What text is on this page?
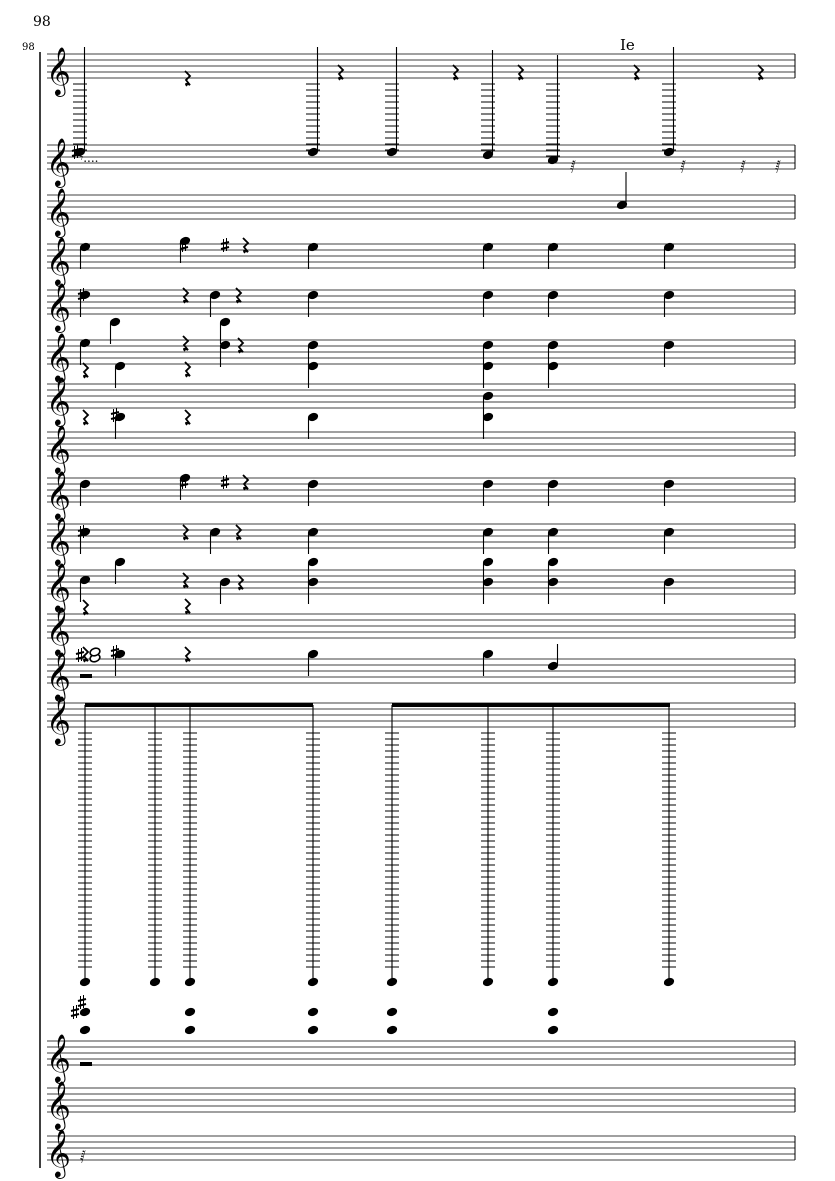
98
98	Ie
𝄞
𝄞
𝄞
𝄞
𝄞
𝄞
𝄞
𝄞
𝄞
𝄞
𝄞
𝄞
𝄞
𝄞
𝄞
𝄞
𝄞
𝅁	𝅁	𝅁 𝅁
𝄾....
𝅁
